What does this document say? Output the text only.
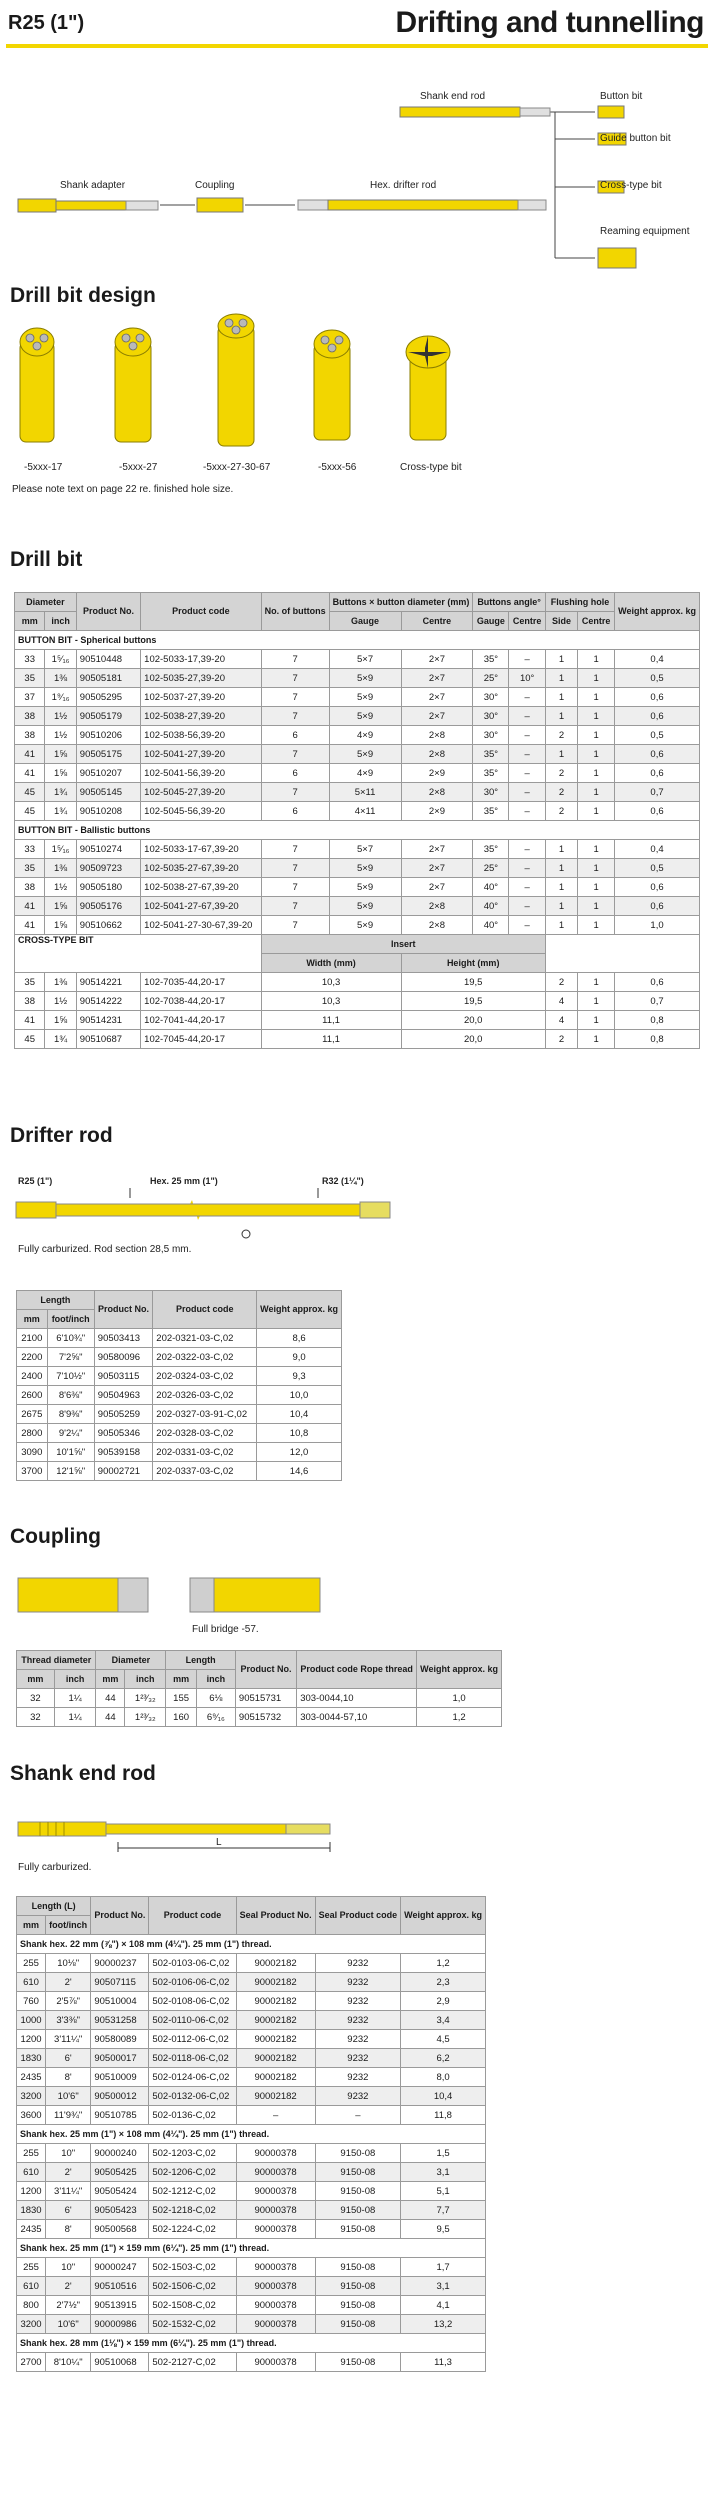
R25 (1")	Drifting and tunnelling
Shank end rod	Button bit
Guide button bit
Shank adapter	Coupling	Hex. drifter rod	Cross-type bit
Reaming equipment
Drill bit design
-5xxx-17	-5xxx-27	-5xxx-27-30-67	-5xxx-56	Cross-type bit
Please note text on page 22 re. finished hole size.
Drill bit
Diameter		Product No.	Product code	No. of buttons	Buttons × button diameter (mm)		Buttons angle°		Flushing hole		Weight approx. kg
mm	inch				Gauge	Centre	Gauge	Centre	Side	Centre	
BUTTON BIT - Spherical buttons											
33	1⁵⁄₁₆	90510448	102-5033-17,39-20	7	5×7	2×7	35°	–	1	1	0,4
35	1⅜	90505181	102-5035-27,39-20	7	5×9	2×7	25°	10°	1	1	0,5
37	1⁹⁄₁₆	90505295	102-5037-27,39-20	7	5×9	2×7	30°	–	1	1	0,6
38	1½	90505179	102-5038-27,39-20	7	5×9	2×7	30°	–	1	1	0,6
38	1½	90510206	102-5038-56,39-20	6	4×9	2×8	30°	–	2	1	0,5
41	1⅝	90505175	102-5041-27,39-20	7	5×9	2×8	35°	–	1	1	0,6
41	1⅝	90510207	102-5041-56,39-20	6	4×9	2×9	35°	–	2	1	0,6
45	1¾	90505145	102-5045-27,39-20	7	5×11	2×8	30°	–	2	1	0,7
45	1¾	90510208	102-5045-56,39-20	6	4×11	2×9	35°	–	2	1	0,6
BUTTON BIT - Ballistic buttons											
33	1⁵⁄₁₆	90510274	102-5033-17-67,39-20	7	5×7	2×7	35°	–	1	1	0,4
35	1⅜	90509723	102-5035-27-67,39-20	7	5×9	2×7	25°	–	1	1	0,5
38	1½	90505180	102-5038-27-67,39-20	7	5×9	2×7	40°	–	1	1	0,6
41	1⅝	90505176	102-5041-27-67,39-20	7	5×9	2×8	40°	–	1	1	0,6
41	1⅝	90510662	102-5041-27-30-67,39-20	7	5×9	2×8	40°	–	1	1	1,0
CROSS-TYPE BIT				Insert							
				Width (mm)		Height (mm)					
35	1⅜	90514221	102-7035-44,20-17	10,3		19,5			2	1	0,6
38	1½	90514222	102-7038-44,20-17	10,3		19,5			4	1	0,7
41	1⅝	90514231	102-7041-44,20-17	11,1		20,0			4	1	0,8
45	1¾	90510687	102-7045-44,20-17	11,1		20,0			2	1	0,8
Drifter rod
R25 (1")	Hex. 25 mm (1")	R32 (1¼")
Fully carburized. Rod section 28,5 mm.
Length		Product No.	Product code	Weight approx. kg
mm	foot/inch			
2100	6'10¾"	90503413	202-0321-03-C,02	8,6
2200	7'2⅝"	90580096	202-0322-03-C,02	9,0
2400	7'10½"	90503115	202-0324-03-C,02	9,3
2600	8'6⅜"	90504963	202-0326-03-C,02	10,0
2675	8'9⅜"	90505259	202-0327-03-91-C,02	10,4
2800	9'2¼"	90505346	202-0328-03-C,02	10,8
3090	10'1⅝"	90539158	202-0331-03-C,02	12,0
3700	12'1⅝"	90002721	202-0337-03-C,02	14,6
Coupling
Full bridge -57.
Thread diameter		Diameter		Length		Product No.	Product code Rope thread	Weight approx. kg
mm	inch	mm	inch	mm	inch			
32	1¼	44	1²³⁄₃₂	155	6⅛	90515731	303-0044,10	1,0
32	1¼	44	1²³⁄₃₂	160	6⁹⁄₁₆	90515732	303-0044-57,10	1,2
Shank end rod
L
Fully carburized.
Length (L)		Product No.	Product code	Seal Product No.	Seal Product code	Weight approx. kg
mm	foot/inch					
Shank hex. 22 mm (⅞") × 108 mm (4¼"). 25 mm (1") thread.						
255	10⅛"	90000237	502-0103-06-C,02	90002182	9232	1,2
610	2'	90507115	502-0106-06-C,02	90002182	9232	2,3
760	2'5⅞"	90510004	502-0108-06-C,02	90002182	9232	2,9
1000	3'3⅜"	90531258	502-0110-06-C,02	90002182	9232	3,4
1200	3'11¼"	90580089	502-0112-06-C,02	90002182	9232	4,5
1830	6'	90500017	502-0118-06-C,02	90002182	9232	6,2
2435	8'	90510009	502-0124-06-C,02	90002182	9232	8,0
3200	10'6"	90500012	502-0132-06-C,02	90002182	9232	10,4
3600	11'9¾"	90510785	502-0136-C,02	–	–	11,8
Shank hex. 25 mm (1") × 108 mm (4¼"). 25 mm (1") thread.						
255	10"	90000240	502-1203-C,02	90000378	9150-08	1,5
610	2'	90505425	502-1206-C,02	90000378	9150-08	3,1
1200	3'11¼"	90505424	502-1212-C,02	90000378	9150-08	5,1
1830	6'	90505423	502-1218-C,02	90000378	9150-08	7,7
2435	8'	90500568	502-1224-C,02	90000378	9150-08	9,5
Shank hex. 25 mm (1") × 159 mm (6¼"). 25 mm (1") thread.						
255	10"	90000247	502-1503-C,02	90000378	9150-08	1,7
610	2'	90510516	502-1506-C,02	90000378	9150-08	3,1
800	2'7½"	90513915	502-1508-C,02	90000378	9150-08	4,1
3200	10'6"	90000986	502-1532-C,02	90000378	9150-08	13,2
Shank hex. 28 mm (1⅛") × 159 mm (6¼"). 25 mm (1") thread.						
2700	8'10¼"	90510068	502-2127-C,02	90000378	9150-08	11,3
